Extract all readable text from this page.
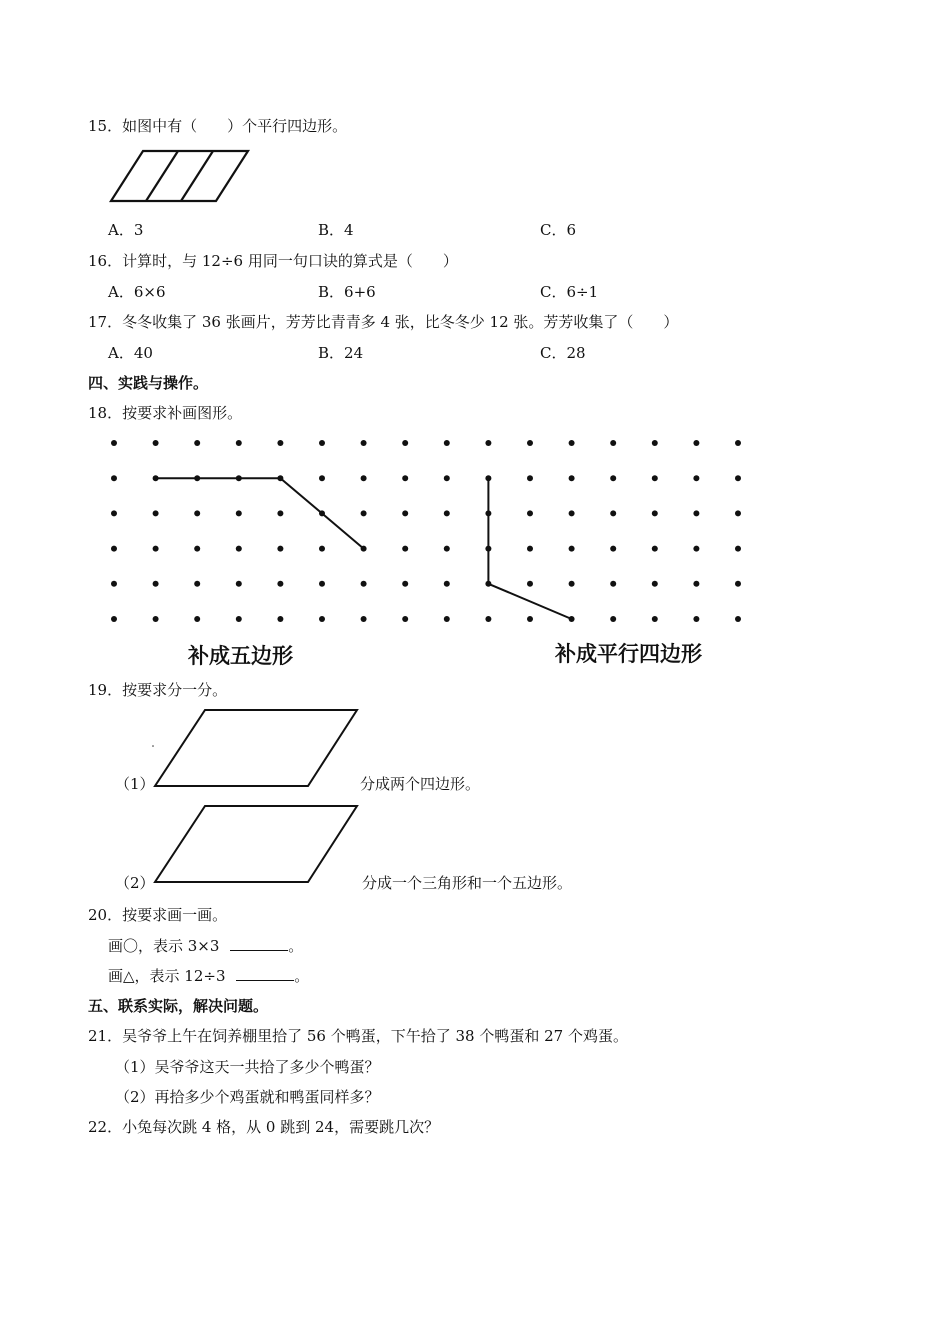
15．如图中有（　　）个平行四边形。
A．3	B．4	C．6
16．计算时，与 12÷6 用同一句口诀的算式是（　　）
A．6×6	B．6+6	C．6÷1
17．冬冬收集了 36 张画片，芳芳比青青多 4 张，比冬冬少 12 张。芳芳收集了（　　）
A．40	B．24	C．28
四、实践与操作。
18．按要求补画图形。
补成五边形	补成平行四边形
19．按要求分一分。
（1）	分成两个四边形。
（2）	分成一个三角形和一个五边形。
20．按要求画一画。
画〇，表示 3×3	。
画△，表示 12÷3	。
五、联系实际，解决问题。
21．吴爷爷上午在饲养棚里拾了 56 个鸭蛋，下午拾了 38 个鸭蛋和 27 个鸡蛋。
（1）吴爷爷这天一共拾了多少个鸭蛋？
（2）再拾多少个鸡蛋就和鸭蛋同样多？
22．小兔每次跳 4 格，从 0 跳到 24，需要跳几次？
